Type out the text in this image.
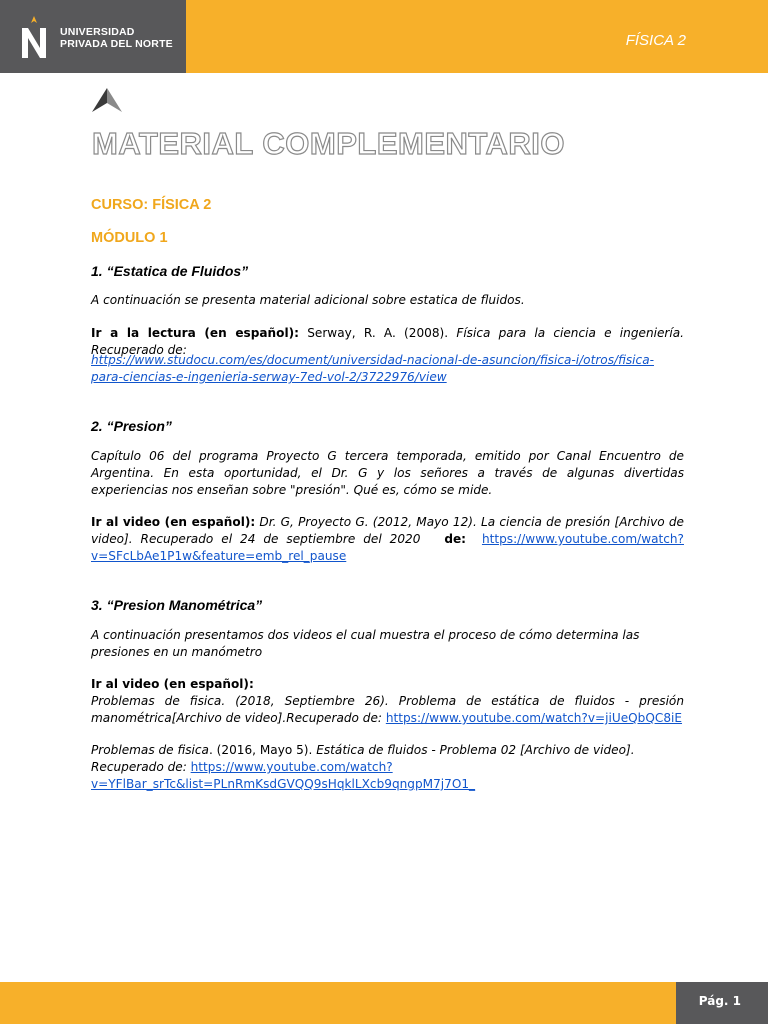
UNIVERSIDAD
PRIVADA DEL NORTE	FÍSICA 2
MATERIAL COMPLEMENTARIO
CURSO: FÍSICA 2
MÓDULO 1
1. “Estatica de Fluidos”
A continuación se presenta material adicional sobre estatica de fluidos.
Ir a la lectura (en español): Serway, R. A. (2008). Física para la ciencia e ingeniería. Recuperado de:
https://www.studocu.com/es/document/universidad-nacional-de-asuncion/fisica-i/otros/fisica-para-ciencias-e-ingenieria-serway-7ed-vol-2/3722976/view
2. “Presion”
Capítulo 06 del programa Proyecto G tercera temporada, emitido por Canal Encuentro de Argentina. En esta oportunidad, el Dr. G y los señores a través de algunas divertidas experiencias nos enseñan sobre "presión". Qué es, cómo se mide.
Ir al video (en español): Dr. G, Proyecto G. (2012, Mayo 12). La ciencia de presión [Archivo de video]. Recuperado el 24 de septiembre del 2020   de: https://www.youtube.com/watch?v=SFcLbAe1P1w&feature=emb_rel_pause
3. “Presion Manométrica”
A continuación presentamos dos videos el cual muestra el proceso de cómo determina las presiones en un manómetro
Ir al video (en español):
Problemas de fisica. (2018, Septiembre 26). Problema de estática de fluidos - presión manométrica[Archivo de video].Recuperado de: https://www.youtube.com/watch?v=jiUeQbQC8iE
Problemas de fisica. (2016, Mayo 5). Estática de fluidos - Problema 02 [Archivo de video]. Recuperado de: https://www.youtube.com/watch?v=YFlBar_srTc&list=PLnRmKsdGVQQ9sHqklLXcb9qngpM7j7O1_
Pág. 1
